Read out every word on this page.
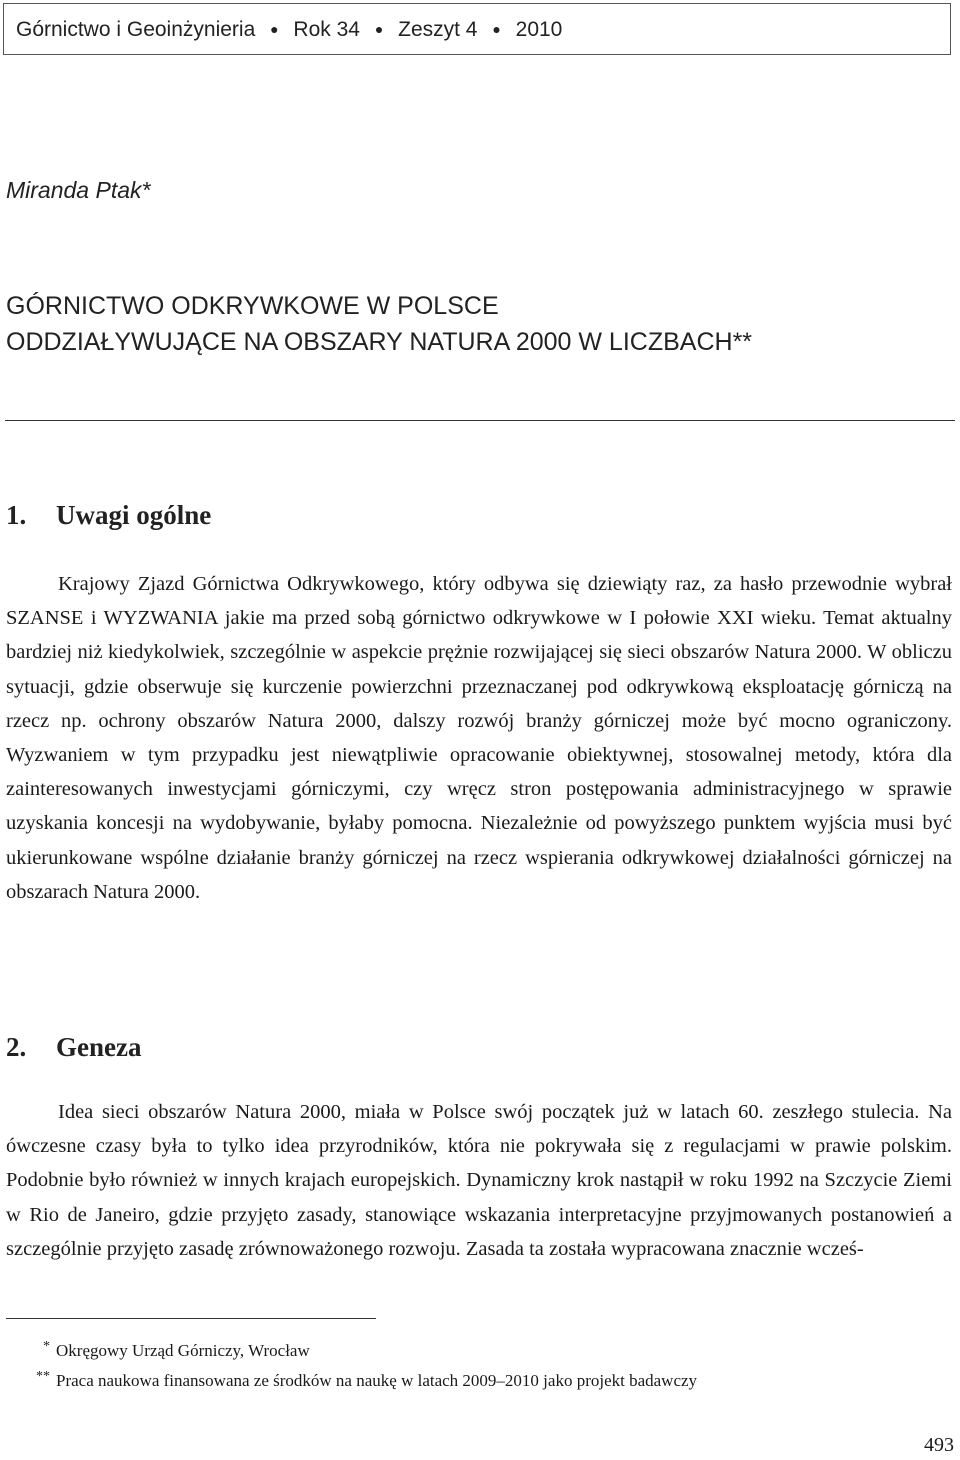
Górnictwo i Geoinżynieria ● Rok 34 ● Zeszyt 4 ● 2010
Miranda Ptak*
GÓRNICTWO ODKRYWKOWE W POLSCE
ODDZIAŁYWUJĄCE NA OBSZARY NATURA 2000 W LICZBACH**
1. Uwagi ogólne

Krajowy Zjazd Górnictwa Odkrywkowego, który odbywa się dziewiąty raz, za hasło przewodnie wybrał SZANSE i WYZWANIA jakie ma przed sobą górnictwo odkrywkowe w I połowie XXI wieku. Temat aktualny bardziej niż kiedykolwiek, szczególnie w aspekcie prężnie rozwijającej się sieci obszarów Natura 2000. W obliczu sytuacji, gdzie obserwuje się kurczenie powierzchni przeznaczanej pod odkrywkową eksploatację górniczą na rzecz np. ochrony obszarów Natura 2000, dalszy rozwój branży górniczej może być mocno ograniczony. Wyzwaniem w tym przypadku jest niewątpliwie opracowanie obiektywnej, stosowalnej metody, która dla zainteresowanych inwestycjami górniczymi, czy wręcz stron postępowania administracyjnego w sprawie uzyskania koncesji na wydobywanie, byłaby pomocna. Niezależnie od powyższego punktem wyjścia musi być ukierunkowane wspólne działanie branży górniczej na rzecz wspierania odkrywkowej działalności górniczej na obszarach Natura 2000.

2. Geneza

Idea sieci obszarów Natura 2000, miała w Polsce swój początek już w latach 60. zeszłego stulecia. Na ówczesne czasy była to tylko idea przyrodników, która nie pokrywała się z regulacjami w prawie polskim. Podobnie było również w innych krajach europejskich. Dynamiczny krok nastąpił w roku 1992 na Szczycie Ziemi w Rio de Janeiro, gdzie przyjęto zasady, stanowiące wskazania interpretacyjne przyjmowanych postanowień a szczególnie przyjęto zasadę zrównoważonego rozwoju. Zasada ta została wypracowana znacznie wcześ-

* Okręgowy Urząd Górniczy, Wrocław
** Praca naukowa finansowana ze środków na naukę w latach 2009–2010 jako projekt badawczy
493
